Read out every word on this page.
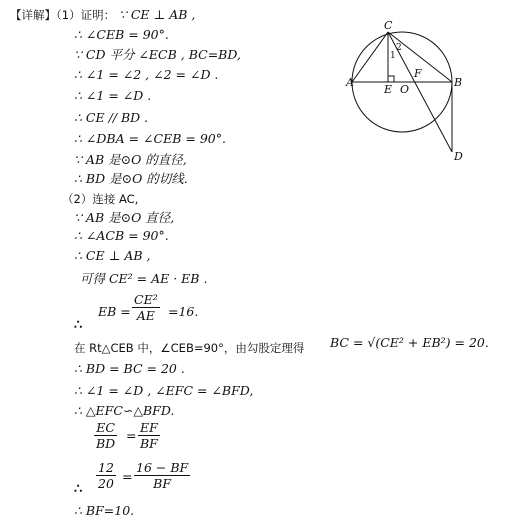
【详解】（1）证明： ∵ CE ⊥ AB ,
∴ ∠CEB = 90°.
∵ CD 平分 ∠ECB , BC=BD,
∴ ∠1 = ∠2 , ∠2 = ∠D .
∴ ∠1 = ∠D .
∴ CE // BD .
∴ ∠DBA = ∠CEB = 90°.
∵ AB 是⊙O 的直径,
∴ BD 是⊙O 的切线.
（2）连接 AC,
∵ AB 是⊙O 直径,
∴ ∠ACB = 90°.
∴ CE ⊥ AB ,
可得 CE² = AE · EB .
∴
EB = $\frac{\text{CE²}}{AE} =16$.
在 Rt△CEB 中，∠CEB=90°，由勾股定理得 BC = √(CE² + EB²) = 20.
∴ BD = BC = 20 .
∴ ∠1 = ∠D , ∠EFC = ∠BFD,
∴ △EFC∽△BFD.
$\frac{EC}{BD} = \frac{EF}{BF}$
∴	$\frac{12}{20} = \frac{16 - BF}{BF}$
∴ BF=10.
C
A
E O
B
F
D
1
2
